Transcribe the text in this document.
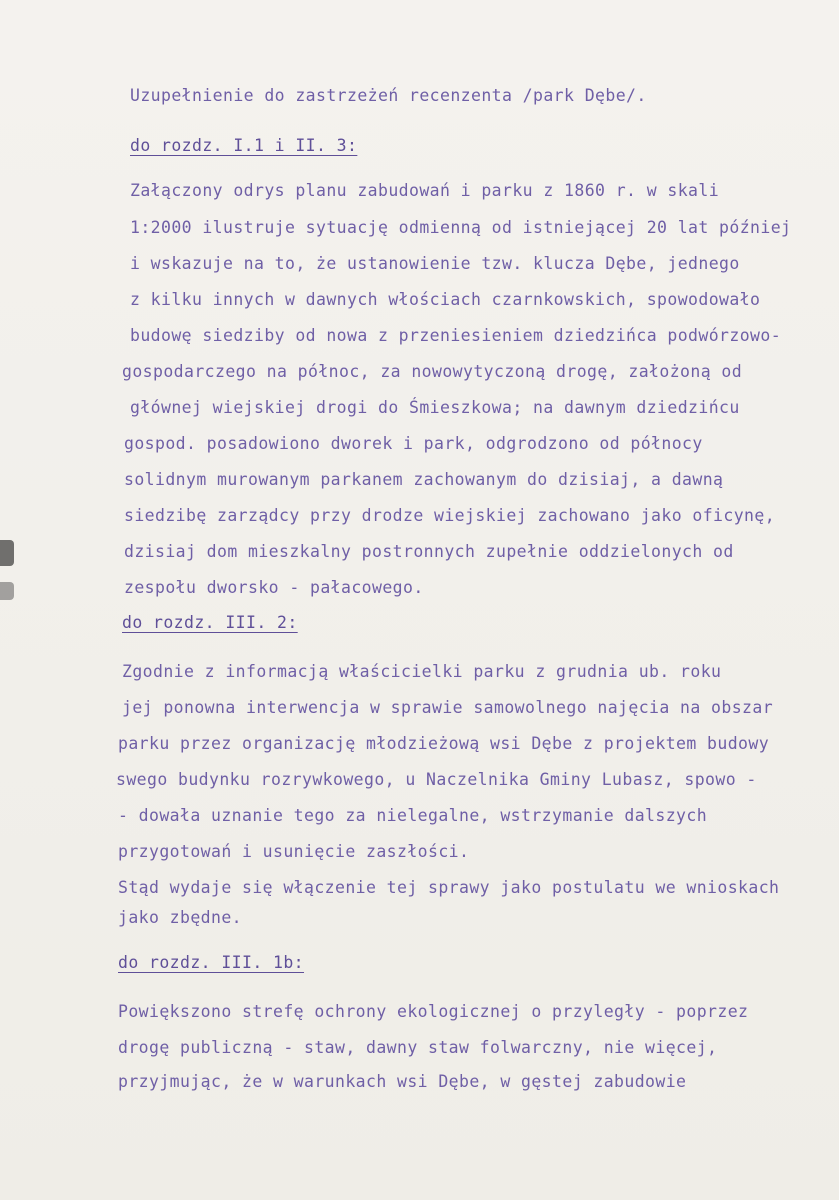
Uzupełnienie do zastrzeżeń recenzenta /park Dębe/.

do rozdz. I.1 i II. 3:

Załączony odrys planu zabudowań i parku z 1860 r. w skali

1:2000 ilustruje sytuację odmienną od istniejącej 20 lat później

i wskazuje na to, że ustanowienie tzw. klucza Dębe, jednego

z kilku innych w dawnych włościach czarnkowskich, spowodowało

budowę siedziby od nowa z przeniesieniem dziedzińca podwórzowo-

gospodarczego na północ, za nowowytyczoną drogę, założoną od

głównej wiejskiej drogi do Śmieszkowa; na dawnym dziedzińcu

gospod. posadowiono dworek i park, odgrodzono od północy

solidnym murowanym parkanem zachowanym do dzisiaj, a dawną

siedzibę zarządcy przy drodze wiejskiej zachowano jako oficynę,

dzisiaj dom mieszkalny postronnych zupełnie oddzielonych od

zespołu dworsko - pałacowego.

do rozdz. III. 2:

Zgodnie z informacją właścicielki parku z grudnia ub. roku

jej ponowna interwencja w sprawie samowolnego najęcia na obszar

parku przez organizację młodzieżową wsi Dębe z projektem budowy

swego budynku rozrywkowego, u Naczelnika Gminy Lubasz, spowo -

- dowała uznanie tego za nielegalne, wstrzymanie dalszych

przygotowań i usunięcie zaszłości.

Stąd wydaje się włączenie tej sprawy jako postulatu we wnioskach

jako zbędne.

do rozdz. III. 1b:

Powiększono strefę ochrony ekologicznej o przyległy - poprzez

drogę publiczną - staw, dawny staw folwarczny, nie więcej,

przyjmując, że w warunkach wsi Dębe, w gęstej zabudowie
